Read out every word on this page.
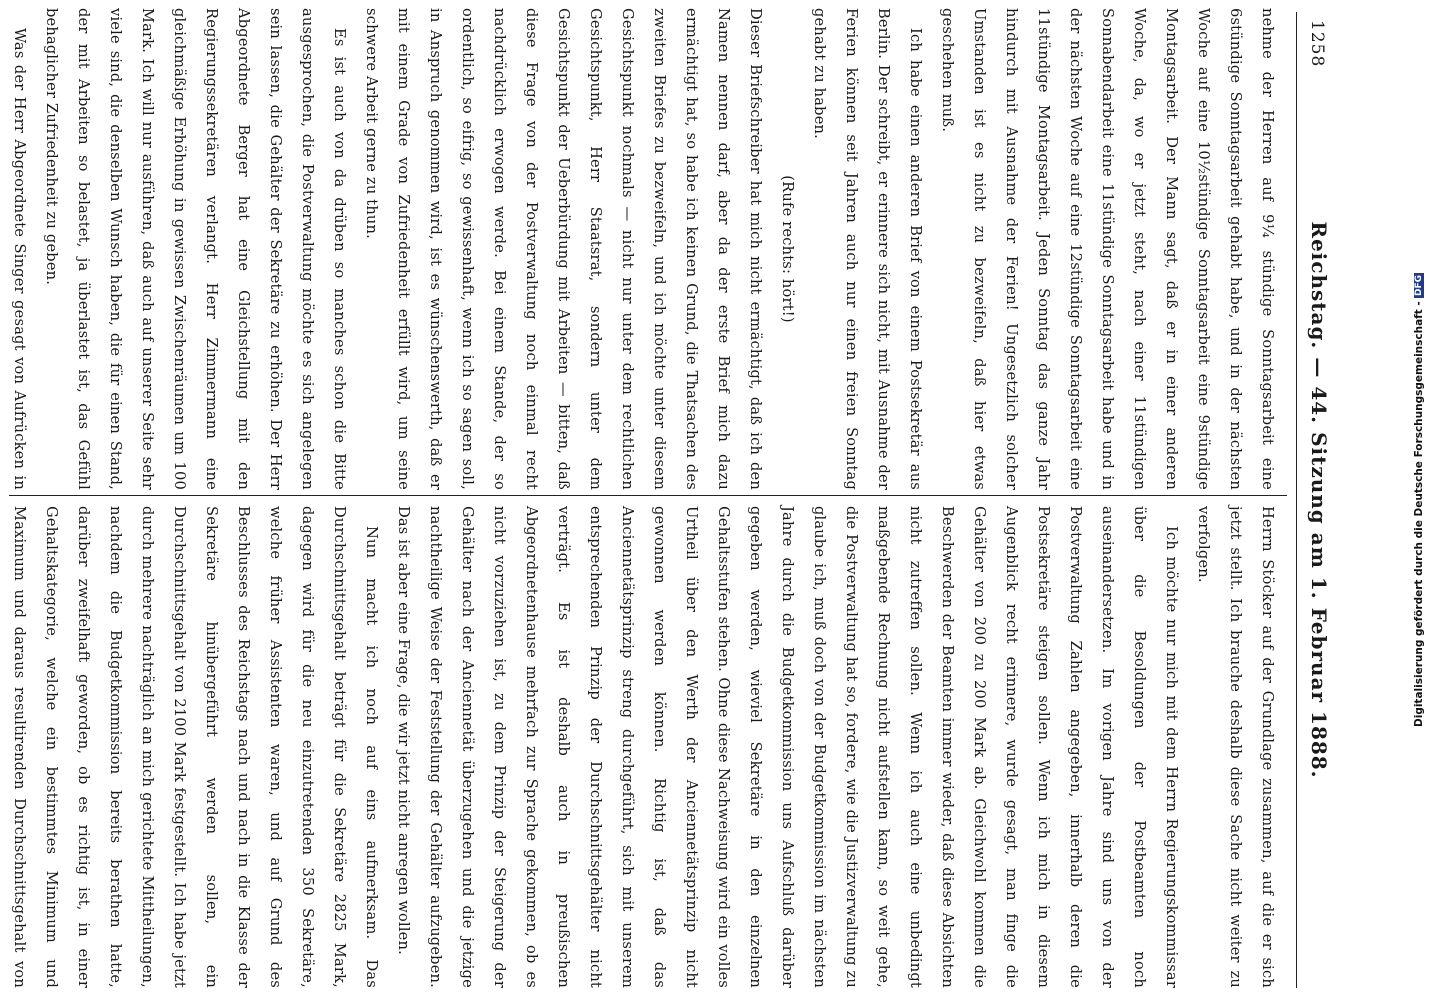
1258
Reichstag. — 44. Sitzung am 1. Februar 1888.

nehme der Herren auf 9¼ stündige Sonntagsarbeit eine 6stündige Sonntagsarbeit gehabt habe, und in der nächsten Woche auf eine 10½stündige Sonntagsarbeit eine 9stündige Montagsarbeit. Der Mann sagt, daß er in einer anderen Woche, da, wo er jetzt steht, nach einer 11stündigen Sonnabendarbeit eine 11stündige Sonntagsarbeit habe und in der nächsten Woche auf eine 12stündige Sonntagsarbeit eine 11stündige Montagsarbeit. Jeden Sonntag das ganze Jahr hindurch mit Ausnahme der Ferien! Ungesetzlich solcher Umstanden ist es nicht zu bezweifeln, daß hier etwas geschehen muß.

Ich habe einen anderen Brief von einem Postsekretär aus Berlin. Der schreibt, er erinnere sich nicht, mit Ausnahme der Ferien können seit Jahren auch nur einen freien Sonntag gehabt zu haben.

(Rufe rechts: hört!)

Dieser Briefschreiber hat mich nicht ermächtigt, daß ich den Namen nennen darf, aber da der erste Brief mich dazu ermächtigt hat, so habe ich keinen Grund, die Thatsachen des zweiten Briefes zu bezweifeln, und ich möchte unter diesem Gesichtspunkt nochmals — nicht nur unter dem rechtlichen Gesichtspunkt, Herr Staatsrat, sondern unter dem Gesichtspunkt der Ueberbürdung mit Arbeiten — bitten, daß diese Frage von der Postverwaltung noch einmal recht nachdrücklich erwogen werde. Bei einem Stande, der so ordentlich, so eifrig, so gewissenhaft, wenn ich so sagen soll, in Anspruch genommen wird, ist es wünschenswerth, daß er mit einem Grade von Zufriedenheit erfüllt wird, um seine schwere Arbeit gerne zu thun.

Es ist auch von da drüben so manches schon die Bitte ausgesprochen, die Postverwaltung möchte es sich angelegen sein lassen, die Gehälter der Sekretäre zu erhöhen. Der Herr Abgeordnete Berger hat eine Gleichstellung mit den Regierungssekretären verlangt. Herr Zimmermann eine gleichmäßige Erhöhung in gewissen Zwischenräumen um 100 Mark. Ich will nur ausführen, daß auch auf unserer Seite sehr viele sind, die denselben Wunsch haben, die für einen Stand, der mit Arbeiten so belastet, ja überlastet ist, das Gefühl behaglicher Zufriedenheit zu geben.

Was der Herr Abgeordnete Singer gesagt von Aufrücken in

Herrn Stöcker auf der Grundlage zusammen, auf die er sich jetzt stellt. Ich brauche deshalb diese Sache nicht weiter zu verfolgen.

Ich möchte nur mich mit dem Herrn Regierungskommissar über die Besoldungen der Postbeamten noch auseinandersetzen. Im vorigen Jahre sind uns von der Postverwaltung Zahlen angegeben, innerhalb deren die Postsekretäre steigen sollen. Wenn ich mich in diesem Augenblick recht erinnere, wurde gesagt, man finge die Gehälter von 200 zu 200 Mark ab. Gleichwohl kommen die Beschwerden der Beamten immer wieder, daß diese Absichten nicht zutreffen sollen. Wenn ich auch eine unbedingt maßgebende Rechnung nicht aufstellen kann, so weit gehe, die Postverwaltung hat so, fordere, wie die Justizverwaltung zu glaube ich, muß doch von der Budgetkommission im nächsten Jahre durch die Budgetkommission uns Aufschluß darüber gegeben werden, wieviel Sekretäre in den einzelnen Gehaltsstufen stehen. Ohne diese Nachweisung wird ein volles Urtheil über den Werth der Anciennetätsprinzip nicht gewonnen werden können. Richtig ist, daß das Anciennetätsprinzip streng durchgeführt, sich mit unserem entsprechenden Prinzip der Durchschnittsgehälter nicht verträgt. Es ist deshalb auch in preußischen Abgeordnetenhause mehrfach zur Sprache gekommen, ob es nicht vorzuziehen ist, zu dem Prinzip der Steigerung der Gehälter nach der Anciennetät überzugehen und die jetzige nachtheilige Weise der Feststellung der Gehälter aufzugeben. Das ist aber eine Frage, die wir jetzt nicht anregen wollen.

Nun macht ich noch auf eins aufmerksam. Das Durchschnittsgehalt beträgt für die Sekretäre 2825 Mark, dagegen wird für die neu einzutretenden 350 Sekretäre, welche früher Assistenten waren, und auf Grund des Beschlusses des Reichstags nach und nach in die Klasse der Sekretäre hinübergeführt werden sollen, ein Durchschnittsgehalt von 2100 Mark festgestellt. Ich habe jetzt durch mehrere nachträglich an mich gerichtete Mittheilungen, nachdem die Budgetkommission bereits berathen hatte, darüber zweifelhaft geworden, ob es richtig ist, in einer Gehaltskategorie, welche ein bestimmtes Minimum und Maximum und daraus resultirenden Durchschnittsgehalt von

Digitalisierung gefördert durch die Deutsche Forschungsgemeinschaft - DFG
